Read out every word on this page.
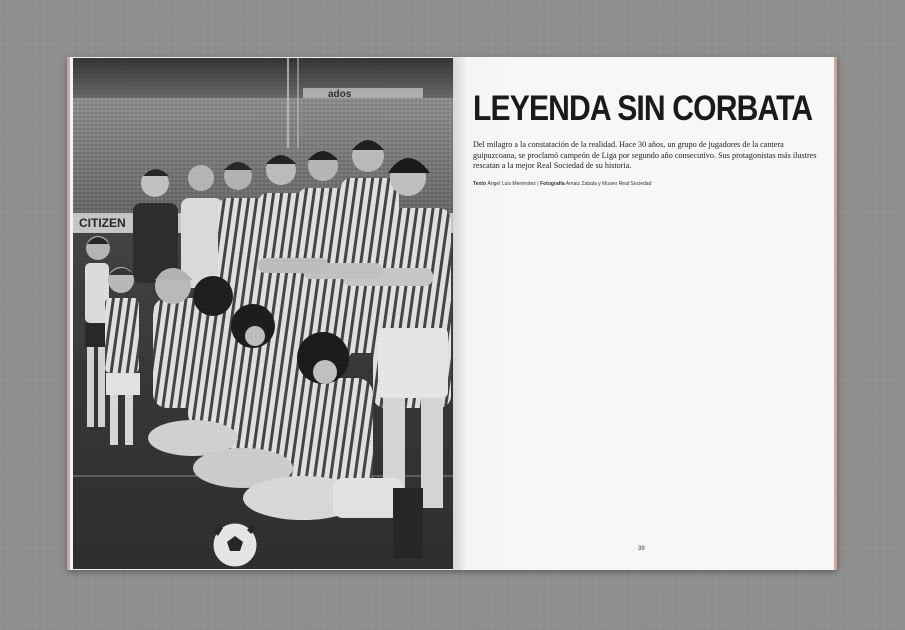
ados
CITIZEN
LEYENDA SIN CORBATA

Del milagro a la constatación de la realidad. Hace 30 años, un grupo de jugadores de la cantera guipuzcoana, se proclamó campeón de Liga por segundo año consecutivo. Sus protagonistas más ilustres rescatan a la mejor Real Sociedad de su historia.

Texto Ángel Luis Menéndez | Fotografía Arnaiz Zabala y Museo Real Sociedad

39
